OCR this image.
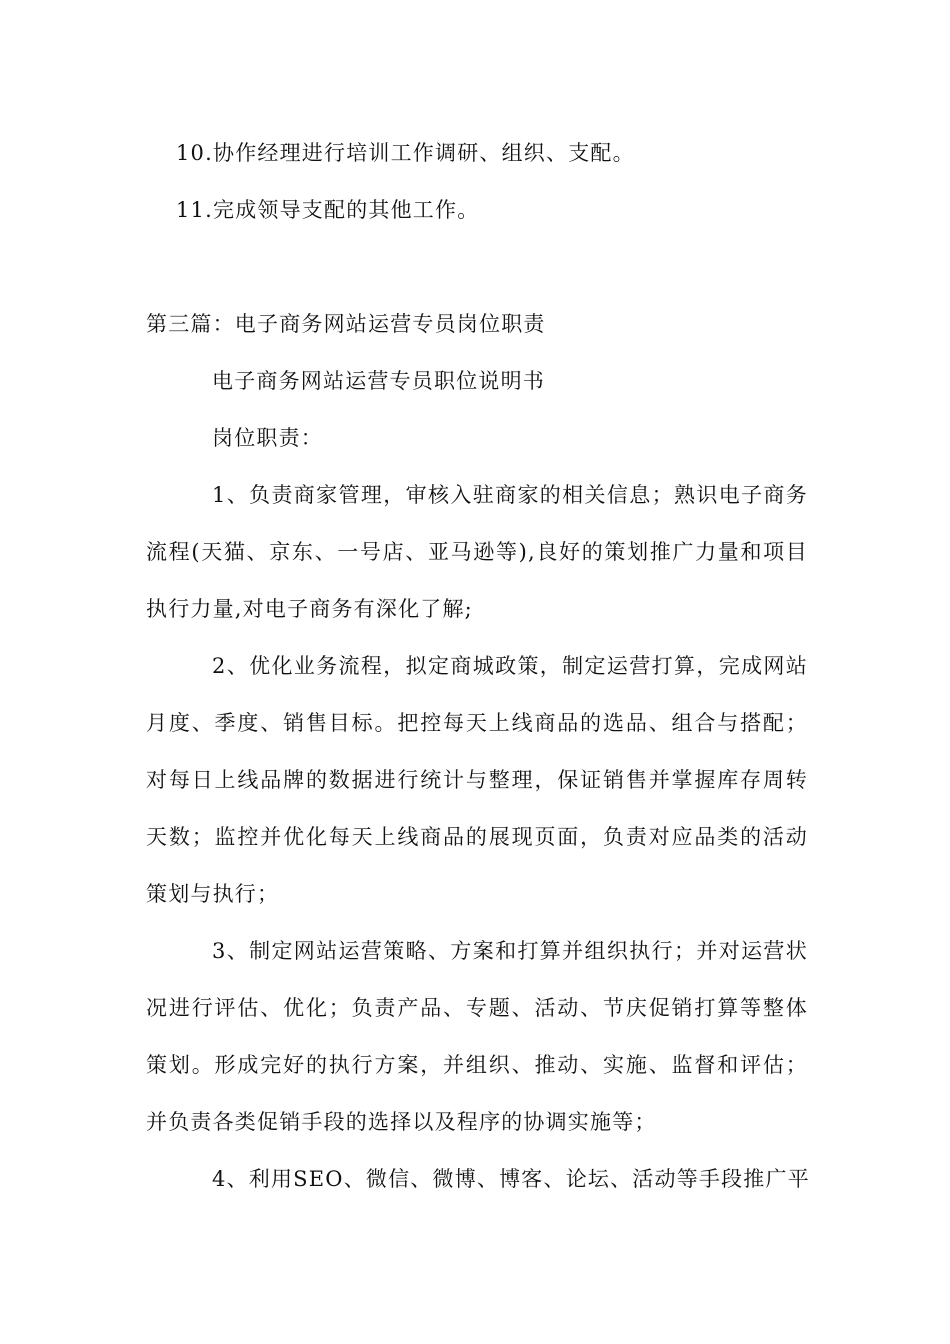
10.协作经理进行培训工作调研、组织、支配。
11.完成领导支配的其他工作。
第三篇：电子商务网站运营专员岗位职责
电子商务网站运营专员职位说明书
岗位职责：
1、负责商家管理，审核入驻商家的相关信息；熟识电子商务
流程(天猫、京东、一号店、亚马逊等),良好的策划推广力量和项目
执行力量,对电子商务有深化了解;
2、优化业务流程，拟定商城政策，制定运营打算，完成网站
月度、季度、销售目标。把控每天上线商品的选品、组合与搭配；
对每日上线品牌的数据进行统计与整理，保证销售并掌握库存周转
天数；监控并优化每天上线商品的展现页面，负责对应品类的活动
策划与执行；
3、制定网站运营策略、方案和打算并组织执行；并对运营状
况进行评估、优化；负责产品、专题、活动、节庆促销打算等整体
策划。形成完好的执行方案，并组织、推动、实施、监督和评估；
并负责各类促销手段的选择以及程序的协调实施等；
4、利用SEO、微信、微博、博客、论坛、活动等手段推广平
